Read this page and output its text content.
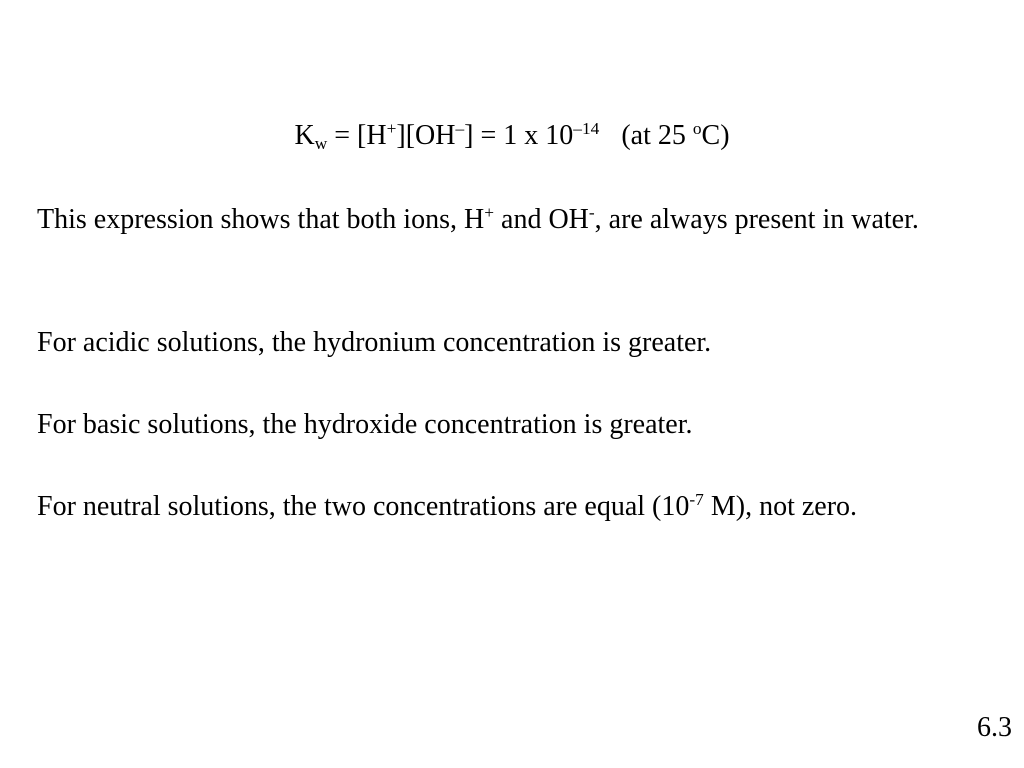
$K_w = [H^+][OH^-] = 1$ x $10^{-14}$ (at 25 $^o$C)
This expression shows that both ions, H+ and OH-, are always present in water.
For acidic solutions, the hydronium concentration is greater.
For basic solutions, the hydroxide concentration is greater.
For neutral solutions, the two concentrations are equal ($10^{-7}$ M), not zero.
6.3
